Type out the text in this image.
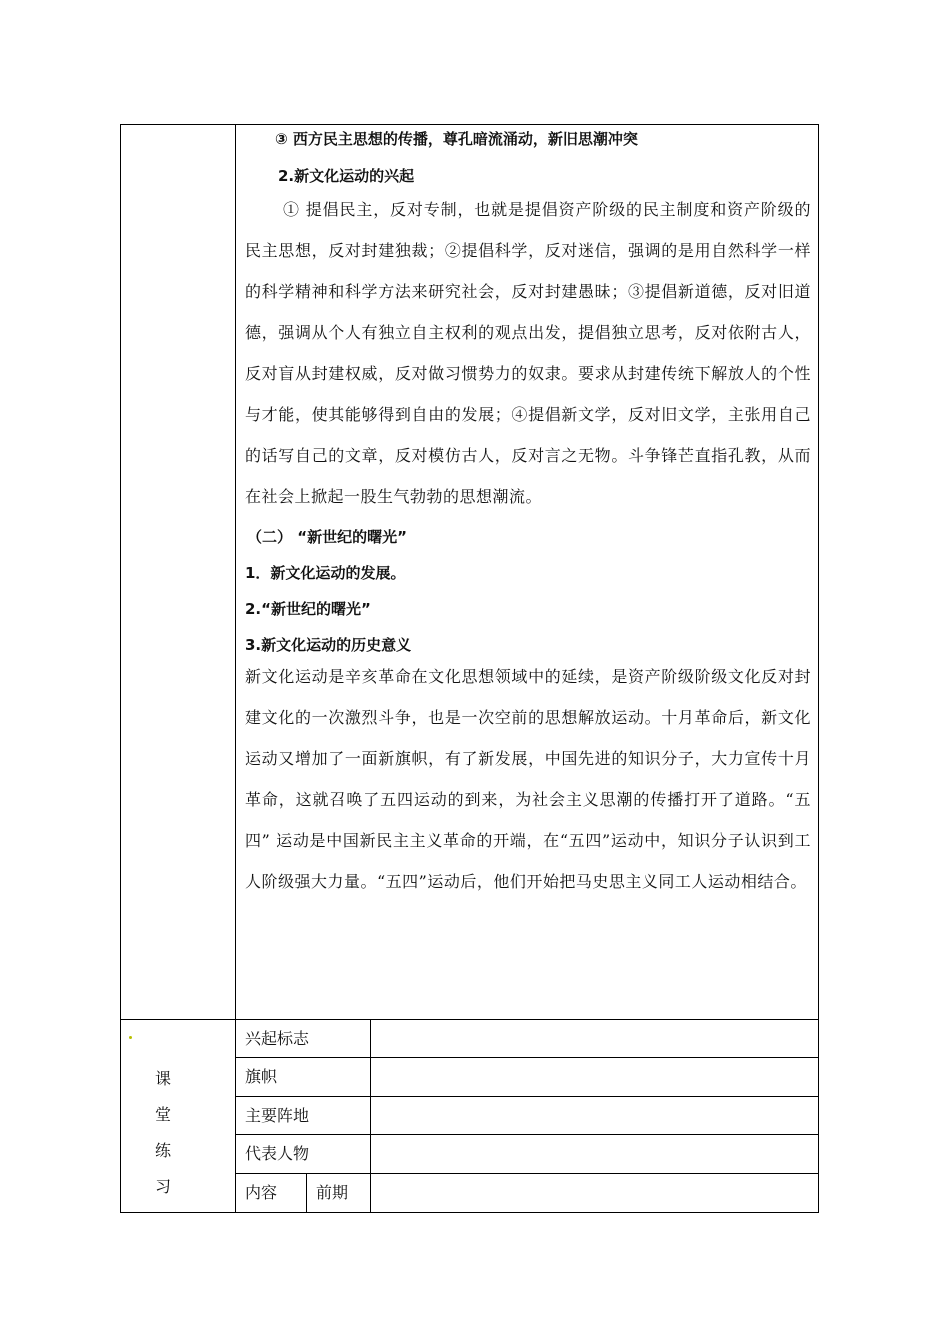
③ 西方民主思想的传播，尊孔暗流涌动，新旧思潮冲突
2.新文化运动的兴起
① 提倡民主，反对专制，也就是提倡资产阶级的民主制度和资产阶级的民主思想，反对封建独裁；②提倡科学，反对迷信，强调的是用自然科学一样的科学精神和科学方法来研究社会，反对封建愚昧；③提倡新道德，反对旧道德，强调从个人有独立自主权利的观点出发，提倡独立思考，反对依附古人，反对盲从封建权威，反对做习惯势力的奴隶。要求从封建传统下解放人的个性与才能，使其能够得到自由的发展；④提倡新文学，反对旧文学，主张用自己的话写自己的文章，反对模仿古人，反对言之无物。斗争锋芒直指孔教，从而在社会上掀起一股生气勃勃的思想潮流。
（二） “新世纪的曙光”
1．新文化运动的发展。
2.“新世纪的曙光”
3.新文化运动的历史意义
新文化运动是辛亥革命在文化思想领域中的延续，是资产阶级阶级文化反对封建文化的一次激烈斗争，也是一次空前的思想解放运动。十月革命后，新文化运动又增加了一面新旗帜，有了新发展，中国先进的知识分子，大力宣传十月革命，这就召唤了五四运动的到来，为社会主义思潮的传播打开了道路。“五四” 运动是中国新民主主义革命的开端，在“五四”运动中，知识分子认识到工人阶级强大力量。“五四”运动后，他们开始把马史思主义同工人运动相结合。
课
堂
练
习
兴起标志
旗帜
主要阵地
代表人物
内容 前期
